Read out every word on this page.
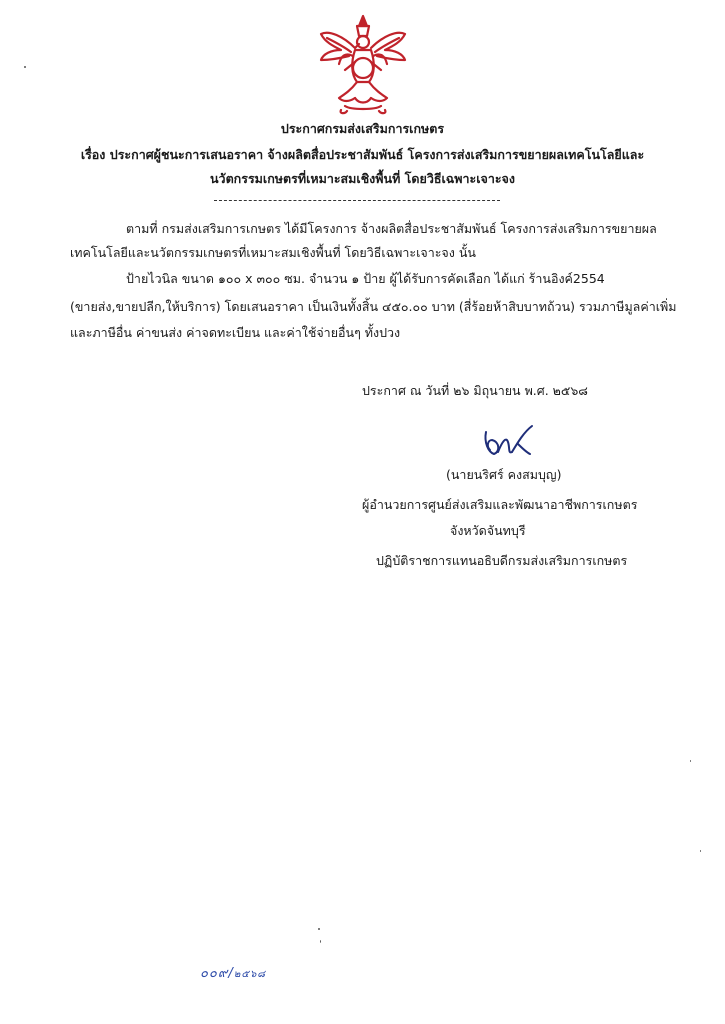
ประกาศกรมส่งเสริมการเกษตร
เรื่อง ประกาศผู้ชนะการเสนอราคา จ้างผลิตสื่อประชาสัมพันธ์ โครงการส่งเสริมการขยายผลเทคโนโลยีและ
นวัตกรรมเกษตรที่เหมาะสมเชิงพื้นที่ โดยวิธีเฉพาะเจาะจง
ตามที่ กรมส่งเสริมการเกษตร ได้มีโครงการ จ้างผลิตสื่อประชาสัมพันธ์ โครงการส่งเสริมการขยายผล
เทคโนโลยีและนวัตกรรมเกษตรที่เหมาะสมเชิงพื้นที่ โดยวิธีเฉพาะเจาะจง นั้น
ป้ายไวนิล ขนาด ๑๐๐ x ๓๐๐ ซม. จำนวน ๑ ป้าย ผู้ได้รับการคัดเลือก ได้แก่ ร้านอิงค์2554
(ขายส่ง,ขายปลีก,ให้บริการ) โดยเสนอราคา เป็นเงินทั้งสิ้น ๔๕๐.๐๐ บาท (สี่ร้อยห้าสิบบาทถ้วน) รวมภาษีมูลค่าเพิ่ม
และภาษีอื่น ค่าขนส่ง ค่าจดทะเบียน และค่าใช้จ่ายอื่นๆ ทั้งปวง
ประกาศ ณ วันที่ ๒๖ มิถุนายน พ.ศ. ๒๕๖๘
(นายนริศร์ คงสมบุญ)
ผู้อำนวยการศูนย์ส่งเสริมและพัฒนาอาชีพการเกษตร
จังหวัดจันทบุรี
ปฏิบัติราชการแทนอธิบดีกรมส่งเสริมการเกษตร
๐๐๙/๒๕๖๘
